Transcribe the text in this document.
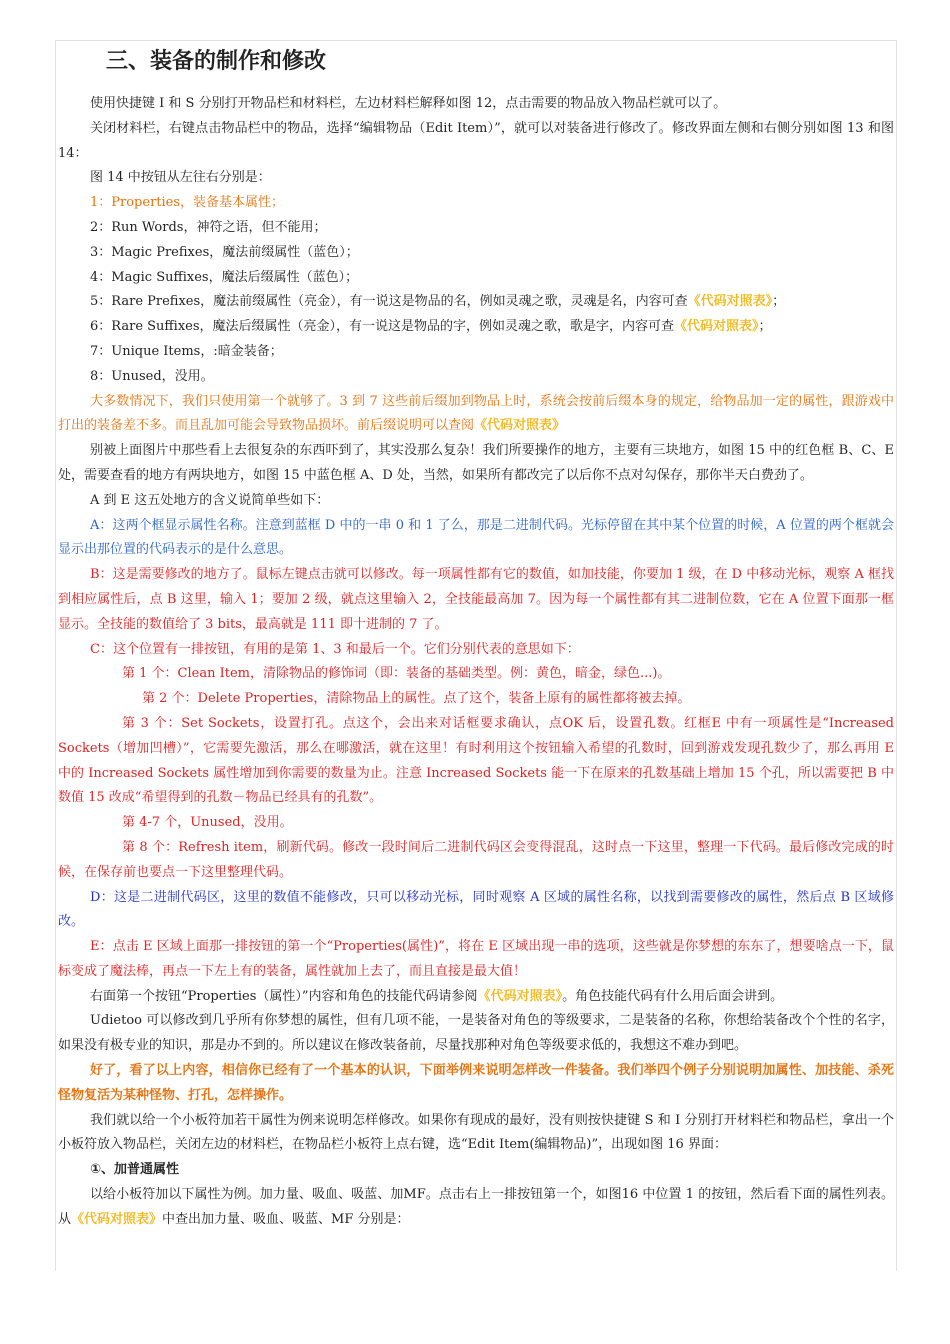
三、装备的制作和修改

使用快捷键 I 和 S 分别打开物品栏和材料栏，左边材料栏解释如图 12，点击需要的物品放入物品栏就可以了。

关闭材料栏，右键点击物品栏中的物品，选择“编辑物品（Edit Item）”，就可以对装备进行修改了。修改界面左侧和右侧分别如图 13 和图 14：

图 14 中按钮从左往右分别是：

1：Properties，装备基本属性；

2：Run Words，神符之语，但不能用；

3：Magic Prefixes，魔法前缀属性（蓝色）；

4：Magic Suffixes，魔法后缀属性（蓝色）；

5：Rare Prefixes，魔法前缀属性（亮金），有一说这是物品的名，例如灵魂之歌，灵魂是名，内容可查《代码对照表》；

6：Rare Suffixes，魔法后缀属性（亮金），有一说这是物品的字，例如灵魂之歌，歌是字，内容可查《代码对照表》；

7：Unique Items，:暗金装备；

8：Unused，没用。

大多数情况下，我们只使用第一个就够了。3 到 7 这些前后缀加到物品上时，系统会按前后缀本身的规定，给物品加一定的属性，跟游戏中打出的装备差不多。而且乱加可能会导致物品损坏。前后缀说明可以查阅《代码对照表》

别被上面图片中那些看上去很复杂的东西吓到了，其实没那么复杂！我们所要操作的地方，主要有三块地方，如图 15 中的红色框 B、C、E 处，需要查看的地方有两块地方，如图 15 中蓝色框 A、D 处，当然，如果所有都改完了以后你不点对勾保存，那你半天白费劲了。

A 到 E 这五处地方的含义说简单些如下：

A：这两个框显示属性名称。注意到蓝框 D 中的一串 0 和 1 了么，那是二进制代码。光标停留在其中某个位置的时候，A 位置的两个框就会显示出那位置的代码表示的是什么意思。

B：这是需要修改的地方了。鼠标左键点击就可以修改。每一项属性都有它的数值，如加技能，你要加 1 级，在 D 中移动光标，观察 A 框找到相应属性后，点 B 这里，输入 1；要加 2 级，就点这里输入 2，全技能最高加 7。因为每一个属性都有其二进制位数，它在 A 位置下面那一框显示。全技能的数值给了 3 bits，最高就是 111 即十进制的 7 了。

C：这个位置有一排按钮，有用的是第 1、3 和最后一个。它们分别代表的意思如下：

第 1 个：Clean Item，清除物品的修饰词（即：装备的基础类型。例：黄色，暗金，绿色...)。

第 2 个：Delete Properties，清除物品上的属性。点了这个，装备上原有的属性都将被去掉。

第 3 个：Set Sockets，设置打孔。点这个，会出来对话框要求确认，点OK 后，设置孔数。红框E 中有一项属性是“Increased Sockets（增加凹槽）”，它需要先激活，那么在哪激活，就在这里！有时利用这个按钮输入希望的孔数时，回到游戏发现孔数少了，那么再用 E 中的 Increased Sockets 属性增加到你需要的数量为止。注意 Increased Sockets 能一下在原来的孔数基础上增加 15 个孔，所以需要把 B 中数值 15 改成“希望得到的孔数－物品已经具有的孔数”。

第 4-7 个，Unused，没用。

第 8 个：Refresh item，刷新代码。修改一段时间后二进制代码区会变得混乱，这时点一下这里，整理一下代码。最后修改完成的时候，在保存前也要点一下这里整理代码。

D：这是二进制代码区，这里的数值不能修改，只可以移动光标，同时观察 A 区域的属性名称，以找到需要修改的属性，然后点 B 区域修改。

E：点击 E 区域上面那一排按钮的第一个“Properties(属性)”，将在 E 区域出现一串的选项，这些就是你梦想的东东了，想要啥点一下，鼠标变成了魔法棒，再点一下左上有的装备，属性就加上去了，而且直接是最大值！

右面第一个按钮“Properties（属性）”内容和角色的技能代码请参阅《代码对照表》。角色技能代码有什么用后面会讲到。

Udietoo 可以修改到几乎所有你梦想的属性，但有几项不能，一是装备对角色的等级要求，二是装备的名称，你想给装备改个个性的名字，如果没有极专业的知识，那是办不到的。所以建议在修改装备前，尽量找那种对角色等级要求低的，我想这不难办到吧。

好了，看了以上内容，相信你已经有了一个基本的认识，下面举例来说明怎样改一件装备。我们举四个例子分别说明加属性、加技能、杀死怪物复活为某种怪物、打孔，怎样操作。

我们就以给一个小板符加若干属性为例来说明怎样修改。如果你有现成的最好，没有则按快捷键 S 和 I 分别打开材料栏和物品栏，拿出一个小板符放入物品栏，关闭左边的材料栏，在物品栏小板符上点右键，选“Edit Item(编辑物品)”，出现如图 16 界面：

①、加普通属性

以给小板符加以下属性为例。加力量、吸血、吸蓝、加MF。点击右上一排按钮第一个，如图16 中位置 1 的按钮，然后看下面的属性列表。从《代码对照表》中查出加力量、吸血、吸蓝、MF 分别是：
